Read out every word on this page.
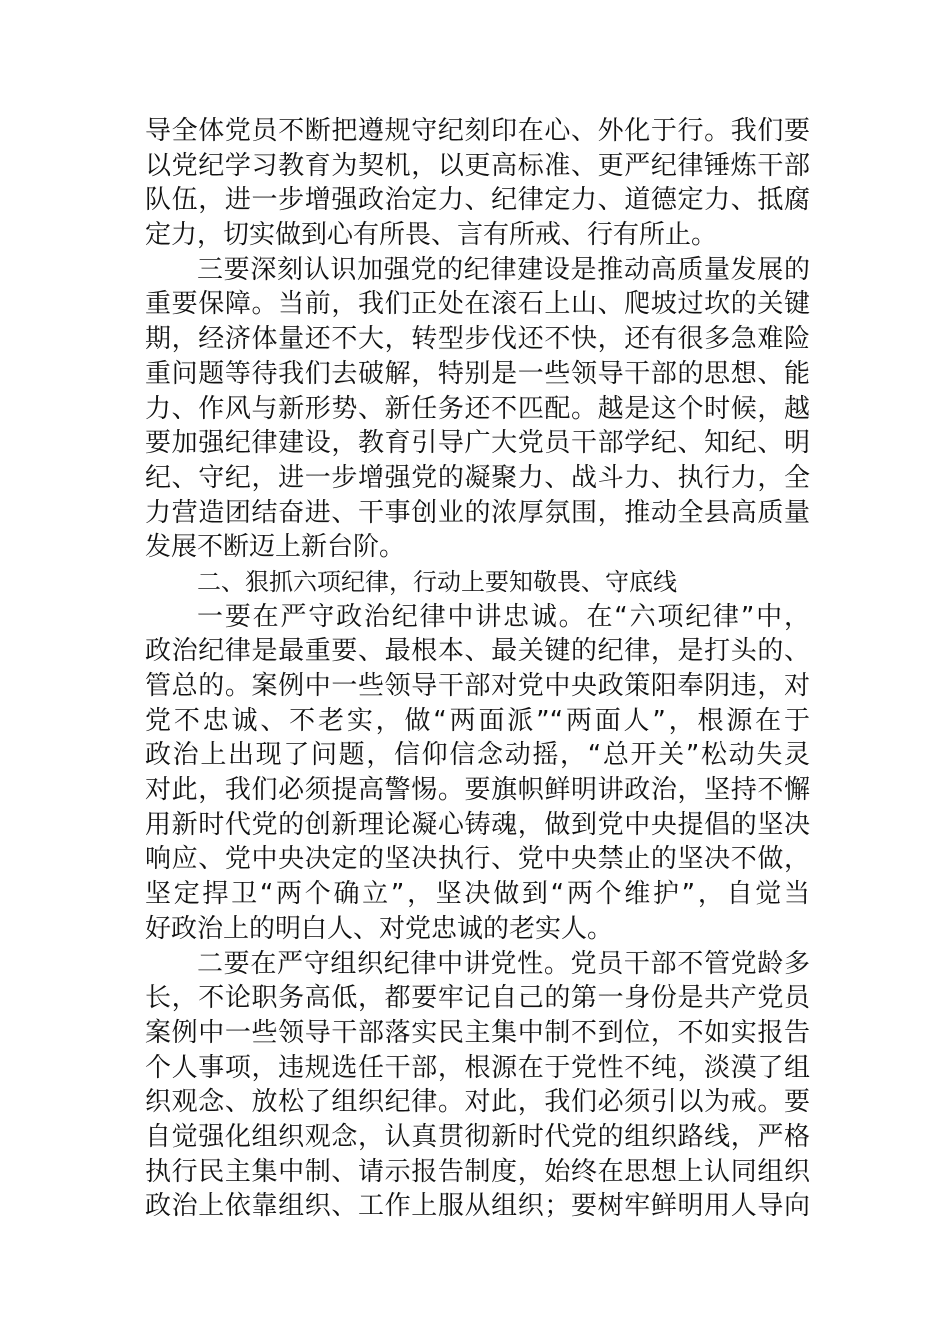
导全体党员不断把遵规守纪刻印在心、外化于行。我们要
以党纪学习教育为契机，以更高标准、更严纪律锤炼干部
队伍，进一步增强政治定力、纪律定力、道德定力、抵腐
定力，切实做到心有所畏、言有所戒、行有所止。
三要深刻认识加强党的纪律建设是推动高质量发展的
重要保障。当前，我们正处在滚石上山、爬坡过坎的关键
期，经济体量还不大，转型步伐还不快，还有很多急难险
重问题等待我们去破解，特别是一些领导干部的思想、能
力、作风与新形势、新任务还不匹配。越是这个时候，越
要加强纪律建设，教育引导广大党员干部学纪、知纪、明
纪、守纪，进一步增强党的凝聚力、战斗力、执行力，全
力营造团结奋进、干事创业的浓厚氛围，推动全县高质量
发展不断迈上新台阶。
二、狠抓六项纪律，行动上要知敬畏、守底线
一要在严守政治纪律中讲忠诚。在“六项纪律”中，
政治纪律是最重要、最根本、最关键的纪律，是打头的、
管总的。案例中一些领导干部对党中央政策阳奉阴违，对
党不忠诚、不老实，做“两面派”“两面人”，根源在于
政治上出现了问题，信仰信念动摇，“总开关”松动失灵
对此，我们必须提高警惕。要旗帜鲜明讲政治，坚持不懈
用新时代党的创新理论凝心铸魂，做到党中央提倡的坚决
响应、党中央决定的坚决执行、党中央禁止的坚决不做，
坚定捍卫“两个确立”，坚决做到“两个维护”，自觉当
好政治上的明白人、对党忠诚的老实人。
二要在严守组织纪律中讲党性。党员干部不管党龄多
长，不论职务高低，都要牢记自己的第一身份是共产党员
案例中一些领导干部落实民主集中制不到位，不如实报告
个人事项，违规选任干部，根源在于党性不纯，淡漠了组
织观念、放松了组织纪律。对此，我们必须引以为戒。要
自觉强化组织观念，认真贯彻新时代党的组织路线，严格
执行民主集中制、请示报告制度，始终在思想上认同组织
政治上依靠组织、工作上服从组织；要树牢鲜明用人导向
